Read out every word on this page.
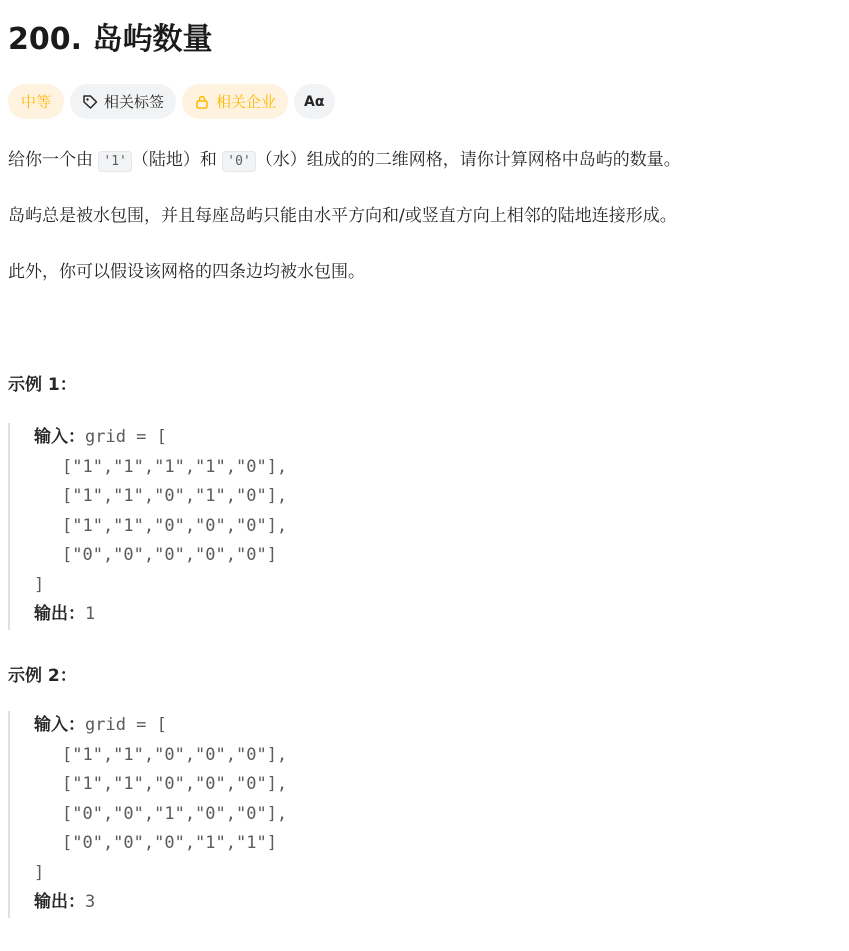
200. 岛屿数量
中等	相关标签	相关企业 Aα
给你一个由 '1' （陆地）和 '0' （水）组成的的二维网格，请你计算网格中岛屿的数量。
岛屿总是被水包围，并且每座岛屿只能由水平方向和/或竖直方向上相邻的陆地连接形成。
此外，你可以假设该网格的四条边均被水包围。
示例 1：
输入：grid = [
["1","1","1","1","0"],
["1","1","0","1","0"],
["1","1","0","0","0"],
["0","0","0","0","0"]
]
输出：1
示例 2：
输入：grid = [
["1","1","0","0","0"],
["1","1","0","0","0"],
["0","0","1","0","0"],
["0","0","0","1","1"]
]
输出：3
